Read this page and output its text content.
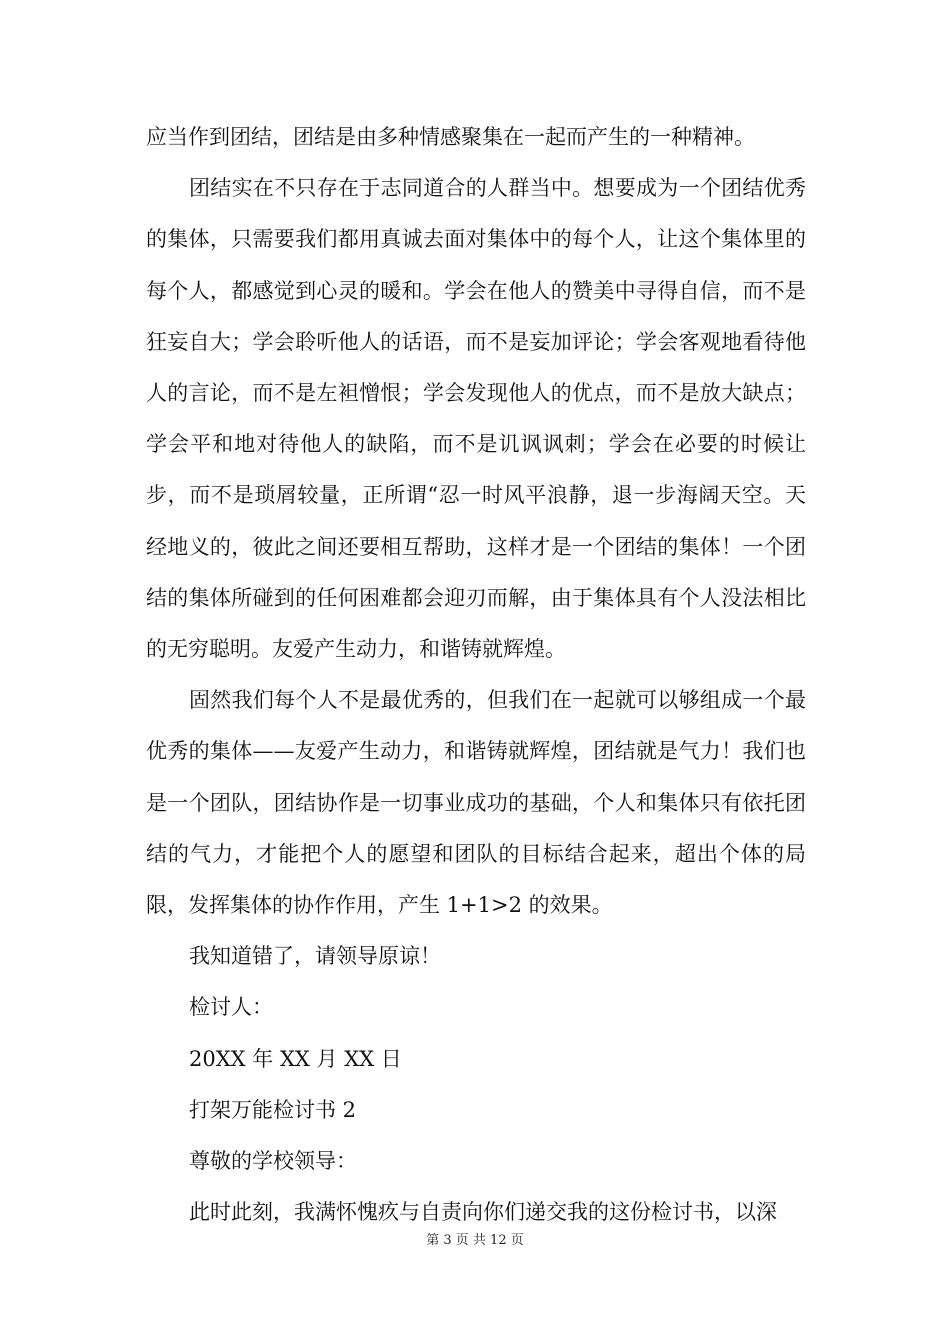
应当作到团结，团结是由多种情感聚集在一起而产生的一种精神。

团结实在不只存在于志同道合的人群当中。想要成为一个团结优秀的集体，只需要我们都用真诚去面对集体中的每个人，让这个集体里的每个人，都感觉到心灵的暖和。学会在他人的赞美中寻得自信，而不是狂妄自大；学会聆听他人的话语，而不是妄加评论；学会客观地看待他人的言论，而不是左袒憎恨；学会发现他人的优点，而不是放大缺点；学会平和地对待他人的缺陷，而不是讥讽讽刺；学会在必要的时候让步，而不是琐屑较量，正所谓“忍一时风平浪静，退一步海阔天空。天经地义的，彼此之间还要相互帮助，这样才是一个团结的集体！一个团结的集体所碰到的任何困难都会迎刃而解，由于集体具有个人没法相比的无穷聪明。友爱产生动力，和谐铸就辉煌。

固然我们每个人不是最优秀的，但我们在一起就可以够组成一个最优秀的集体——友爱产生动力，和谐铸就辉煌，团结就是气力！我们也是一个团队，团结协作是一切事业成功的基础，个人和集体只有依托团结的气力，才能把个人的愿望和团队的目标结合起来，超出个体的局限，发挥集体的协作作用，产生 1+1>2 的效果。

我知道错了，请领导原谅！

检讨人：

20XX 年 XX 月 XX 日

打架万能检讨书 2

尊敬的学校领导：

此时此刻，我满怀愧疚与自责向你们递交我的这份检讨书，以深

第 3 页 共 12 页
